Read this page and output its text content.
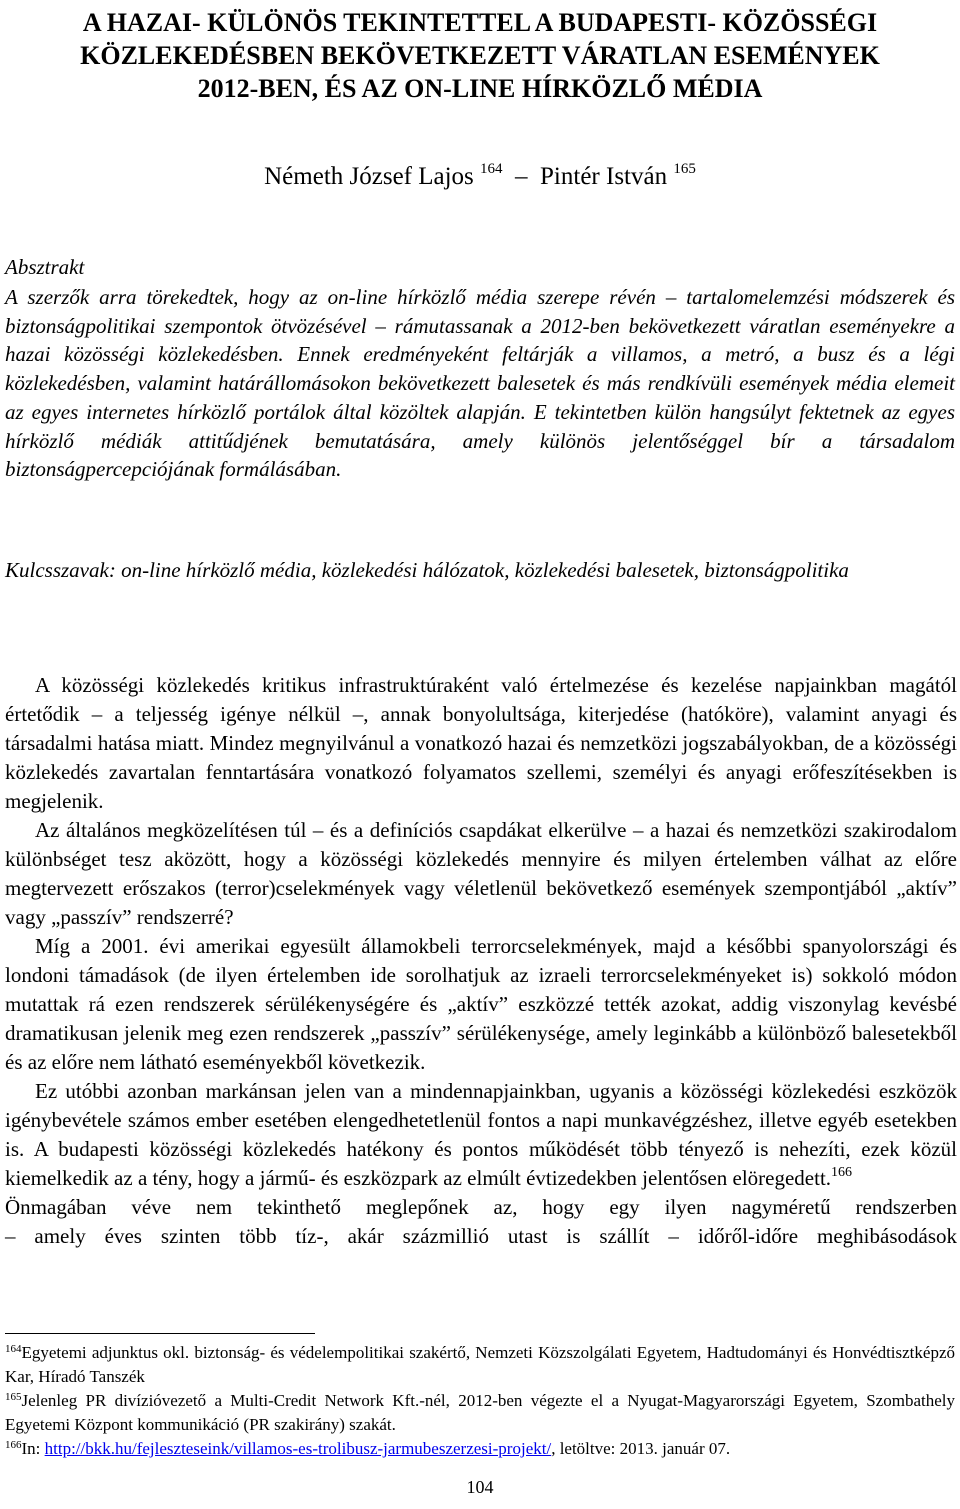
A HAZAI- KÜLÖNÖS TEKINTETTEL A BUDAPESTI- KÖZÖSSÉGI
KÖZLEKEDÉSBEN BEKÖVETKEZETT VÁRATLAN ESEMÉNYEK
2012-BEN, ÉS AZ ON-LINE HÍRKÖZLŐ MÉDIA
Németh József Lajos $^{164}$ – Pintér István $^{165}$
Absztrakt

A szerzők arra törekedtek, hogy az on-line hírközlő média szerepe révén – tartalomelemzési módszerek és biztonságpolitikai szempontok ötvözésével – rámutassanak a 2012-ben bekövetkezett váratlan eseményekre a hazai közösségi közlekedésben. Ennek eredményeként feltárják a villamos, a metró, a busz és a légi közlekedésben, valamint határállomásokon bekövetkezett balesetek és más rendkívüli események média elemeit az egyes internetes hírközlő portálok által közöltek alapján. E tekintetben külön hangsúlyt fektetnek az egyes hírközlő médiák attitűdjének bemutatására, amely különös jelentőséggel bír a társadalom biztonságpercepciójának formálásában.

Kulcsszavak: on-line hírközlő média, közlekedési hálózatok, közlekedési balesetek, biztonságpolitika

A közösségi közlekedés kritikus infrastruktúraként való értelmezése és kezelése napjainkban magától értetődik – a teljesség igénye nélkül –, annak bonyolultsága, kiterjedése (hatóköre), valamint anyagi és társadalmi hatása miatt. Mindez megnyilvánul a vonatkozó hazai és nemzetközi jogszabályokban, de a közösségi közlekedés zavartalan fenntartására vonatkozó folyamatos szellemi, személyi és anyagi erőfeszítésekben is megjelenik.

Az általános megközelítésen túl – és a definíciós csapdákat elkerülve – a hazai és nemzetközi szakirodalom különbséget tesz aközött, hogy a közösségi közlekedés mennyire és milyen értelemben válhat az előre megtervezett erőszakos (terror)cselekmények vagy véletlenül bekövetkező események szempontjából „aktív” vagy „passzív” rendszerré?

Míg a 2001. évi amerikai egyesült államokbeli terrorcselekmények, majd a későbbi spanyolországi és londoni támadások (de ilyen értelemben ide sorolhatjuk az izraeli terrorcselekményeket is) sokkoló módon mutattak rá ezen rendszerek sérülékenységére és „aktív” eszközzé tették azokat, addig viszonylag kevésbé dramatikusan jelenik meg ezen rendszerek „passzív” sérülékenysége, amely leginkább a különböző balesetekből és az előre nem látható eseményekből következik.

Ez utóbbi azonban markánsan jelen van a mindennapjainkban, ugyanis a közösségi közlekedési eszközök igénybevétele számos ember esetében elengedhetetlenül fontos a napi munkavégzéshez, illetve egyéb esetekben is. A budapesti közösségi közlekedés hatékony és pontos működését több tényező is nehezíti, ezek közül kiemelkedik az a tény, hogy a jármű- és eszközpark az elmúlt évtizedekben jelentősen elöregedett.$^{166}$

Önmagában véve nem tekinthető meglepőnek az, hogy egy ilyen nagyméretű rendszerben

– amely éves szinten több tíz-, akár százmillió utast is szállít – időről-időre meghibásodások

$^{164}$Egyetemi adjunktus okl. biztonság- és védelempolitikai szakértő, Nemzeti Közszolgálati Egyetem, Hadtudományi és Honvédtisztképző Kar, Híradó Tanszék

$^{165}$Jelenleg PR divízióvezető a Multi-Credit Network Kft.-nél, 2012-ben végezte el a Nyugat-Magyarországi Egyetem, Szombathely Egyetemi Központ kommunikáció (PR szakirány) szakát.

$^{166}$In: http://bkk.hu/fejleszteseink/villamos-es-trolibusz-jarmubeszerzesi-projekt/, letöltve: 2013. január 07.

104
